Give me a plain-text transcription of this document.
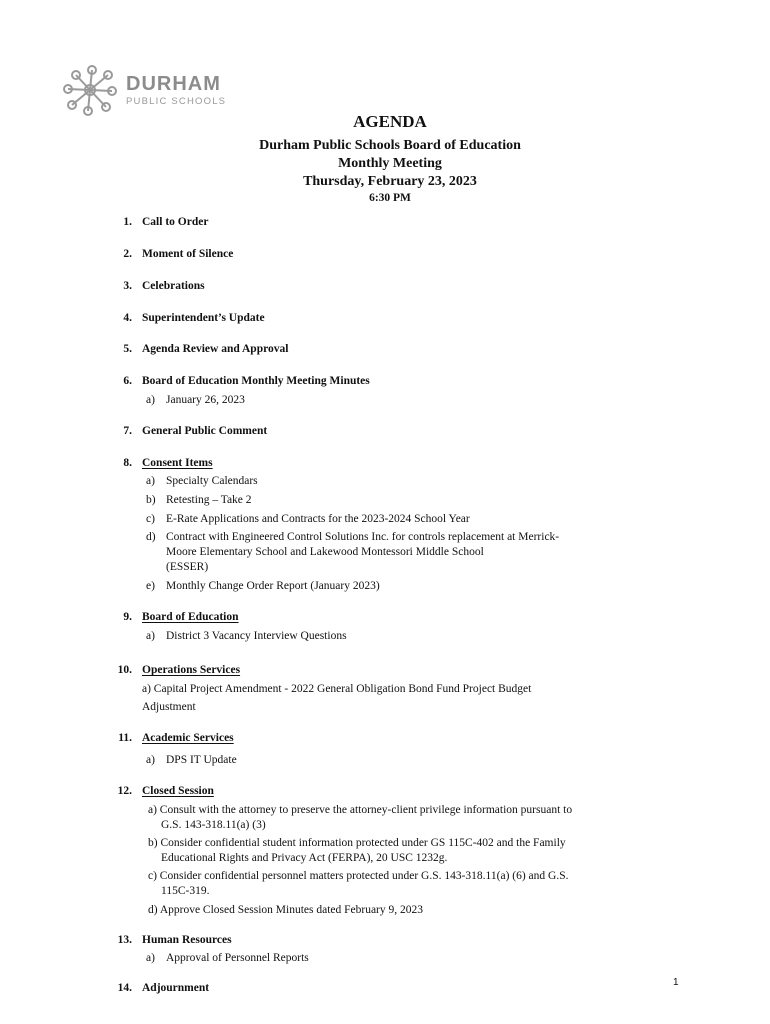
DURHAM
PUBLIC SCHOOLS
AGENDA
Durham Public Schools Board of Education
Monthly Meeting
Thursday, February 23, 2023
6:30 PM
1. Call to Order
2. Moment of Silence
3. Celebrations
4. Superintendent’s Update
5. Agenda Review and Approval
6. Board of Education Monthly Meeting Minutes
a) January 26, 2023
7. General Public Comment
8. Consent Items
a) Specialty Calendars
b) Retesting – Take 2
c) E-Rate Applications and Contracts for the 2023-2024 School Year
d) Contract with Engineered Control Solutions Inc. for controls replacement at Merrick-
Moore Elementary School and Lakewood Montessori Middle School
(ESSER)
e) Monthly Change Order Report (January 2023)
9. Board of Education
a) District 3 Vacancy Interview Questions
10. Operations Services
a) Capital Project Amendment - 2022 General Obligation Bond Fund Project Budget
Adjustment
11. Academic Services
a) DPS IT Update
12. Closed Session
a) Consult with the attorney to preserve the attorney-client privilege information pursuant to
G.S. 143-318.11(a) (3)
b) Consider confidential student information protected under GS 115C-402 and the Family
Educational Rights and Privacy Act (FERPA), 20 USC 1232g.
c) Consider confidential personnel matters protected under G.S. 143-318.11(a) (6) and G.S.
115C-319.
d) Approve Closed Session Minutes dated February 9, 2023
13. Human Resources
a) Approval of Personnel Reports
14. Adjournment	1
